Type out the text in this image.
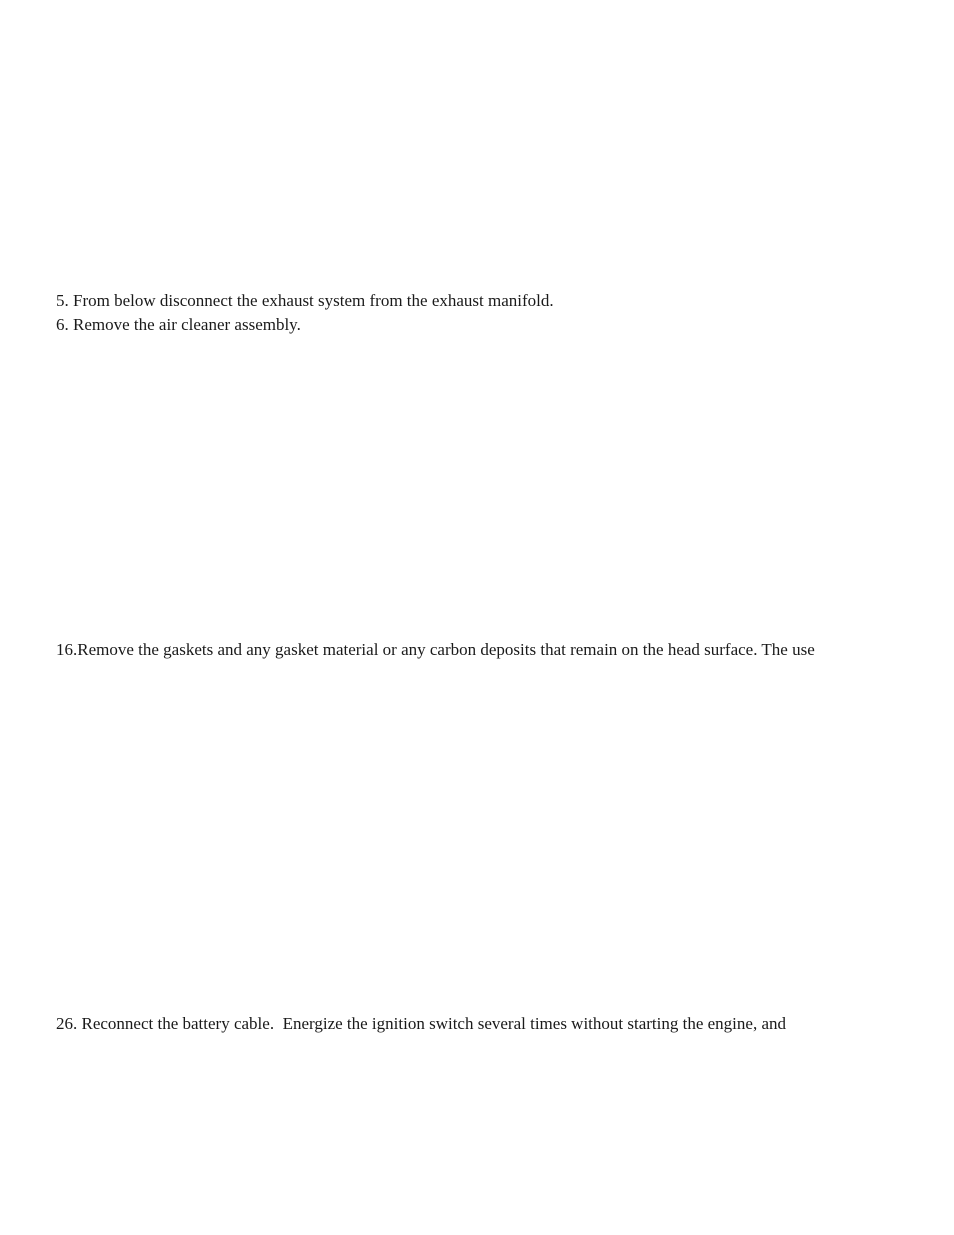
5. From below disconnect the exhaust system from the exhaust manifold.
6. Remove the air cleaner assembly.
16.Remove the gaskets and any gasket material or any carbon deposits that remain on the head surface. The use
26. Reconnect the battery cable.  Energize the ignition switch several times without starting the engine, and
